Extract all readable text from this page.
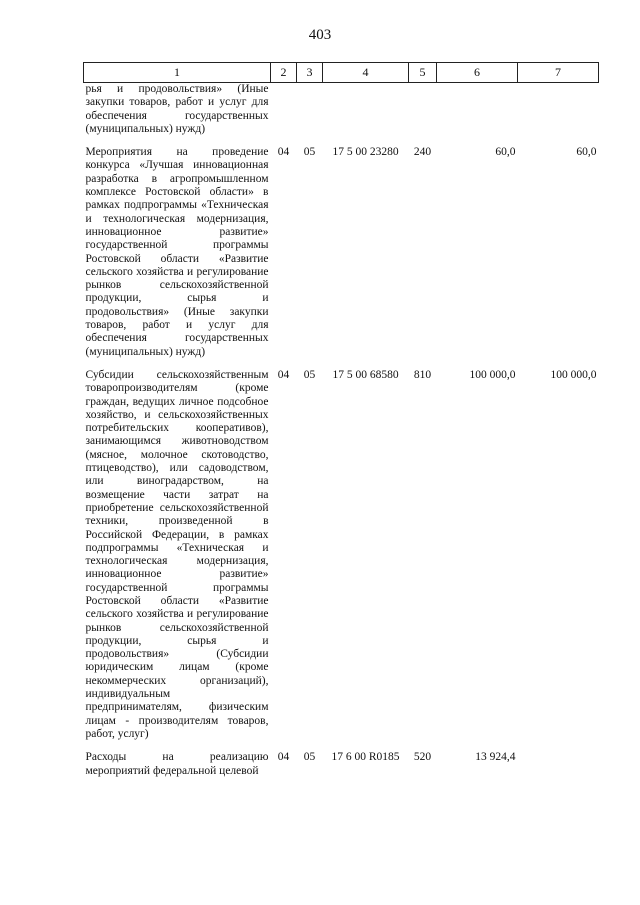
403
1	2	3	4	5	6	7
рья и продовольствия» (Иные закупки товаров, работ и услуг для обеспечения государственных (муниципальных) нужд)						

Мероприятия на проведение конкурса «Лучшая инновационная разработка в агропромышленном комплексе Ростовской области» в рамках подпрограммы «Техническая и технологическая модернизация, инновационное развитие» государственной программы Ростовской области «Развитие сельского хозяйства и регулирование рынков сельскохозяйственной продукции, сырья и продовольствия» (Иные закупки товаров, работ и услуг для обеспечения государственных (муниципальных) нужд)	04	05	17 5 00 23280	240	60,0	60,0

Субсидии сельскохозяйственным товаропроизводителям (кроме граждан, ведущих личное подсобное хозяйство, и сельскохозяйственных потребительских кооперативов), занимающимся животноводством (мясное, молочное скотоводство, птицеводство), или садоводством, или виноградарством, на возмещение части затрат на приобретение сельскохозяйственной техники, произведенной в Российской Федерации, в рамках подпрограммы «Техническая и технологическая модернизация, инновационное развитие» государственной программы Ростовской области «Развитие сельского хозяйства и регулирование рынков сельскохозяйственной продукции, сырья и продовольствия» (Субсидии юридическим лицам (кроме некоммерческих организаций), индивидуальным предпринимателям, физическим лицам - производителям товаров, работ, услуг)	04	05	17 5 00 68580	810	100 000,0	100 000,0

Расходы на реализацию мероприятий федеральной целевой	04	05	17 6 00 R0185	520	13 924,4	
